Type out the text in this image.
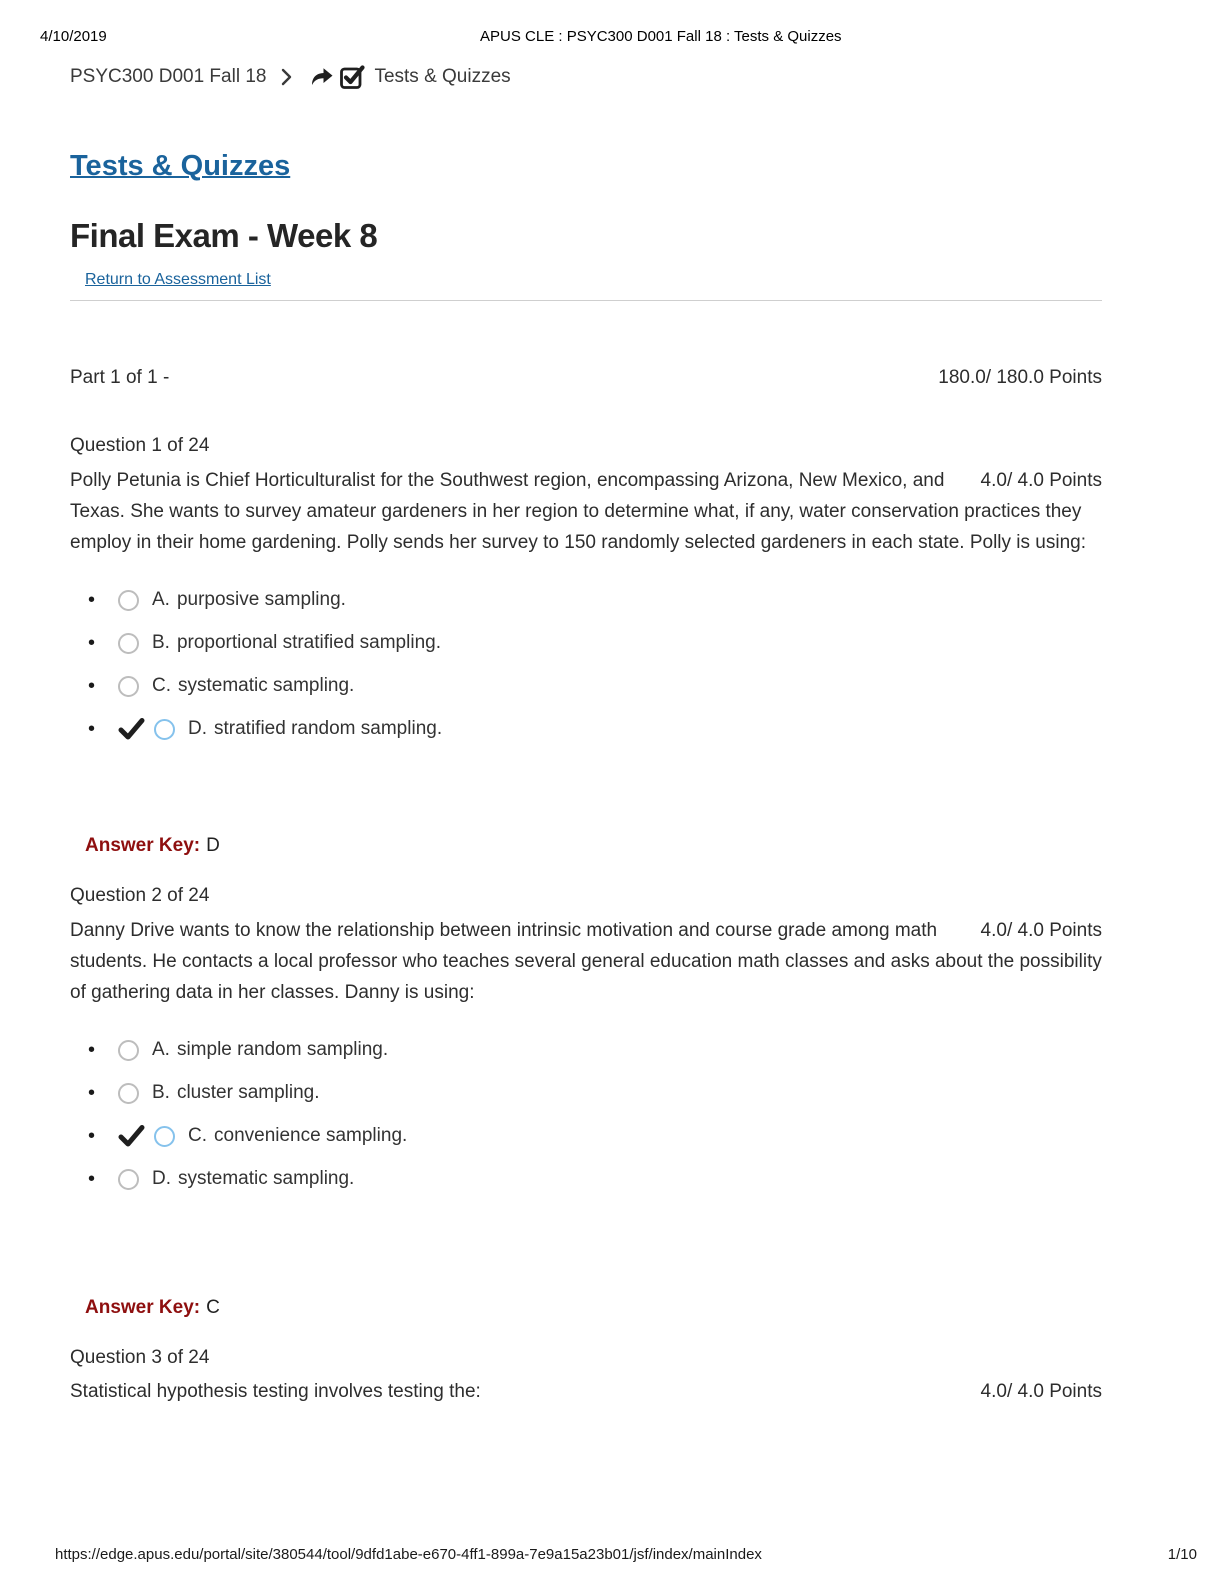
4/10/2019	APUS CLE : PSYC300 D001 Fall 18 : Tests & Quizzes
PSYC300 D001 Fall 18	Tests & Quizzes
Tests & Quizzes
Final Exam - Week 8
Return to Assessment List
Part 1 of 1 -	180.0/ 180.0 Points
Question 1 of 24
4.0/ 4.0 Points
Polly Petunia is Chief Horticulturalist for the Southwest region, encompassing Arizona, New Mexico, and Texas. She wants to survey amateur gardeners in her region to determine what, if any, water conservation practices they employ in their home gardening. Polly sends her survey to 150 randomly selected gardeners in each state. Polly is using:
•	A. purposive sampling.
•	B. proportional stratified sampling.
•	C. systematic sampling.
•	D. stratified random sampling.
Answer Key: D
Question 2 of 24
4.0/ 4.0 Points
Danny Drive wants to know the relationship between intrinsic motivation and course grade among math students. He contacts a local professor who teaches several general education math classes and asks about the possibility of gathering data in her classes. Danny is using:
•	A. simple random sampling.
•	B. cluster sampling.
•	C. convenience sampling.
•	D. systematic sampling.
Answer Key: C
Question 3 of 24
4.0/ 4.0 Points
Statistical hypothesis testing involves testing the:
https://edge.apus.edu/portal/site/380544/tool/9dfd1abe-e670-4ff1-899a-7e9a15a23b01/jsf/index/mainIndex	1/10
